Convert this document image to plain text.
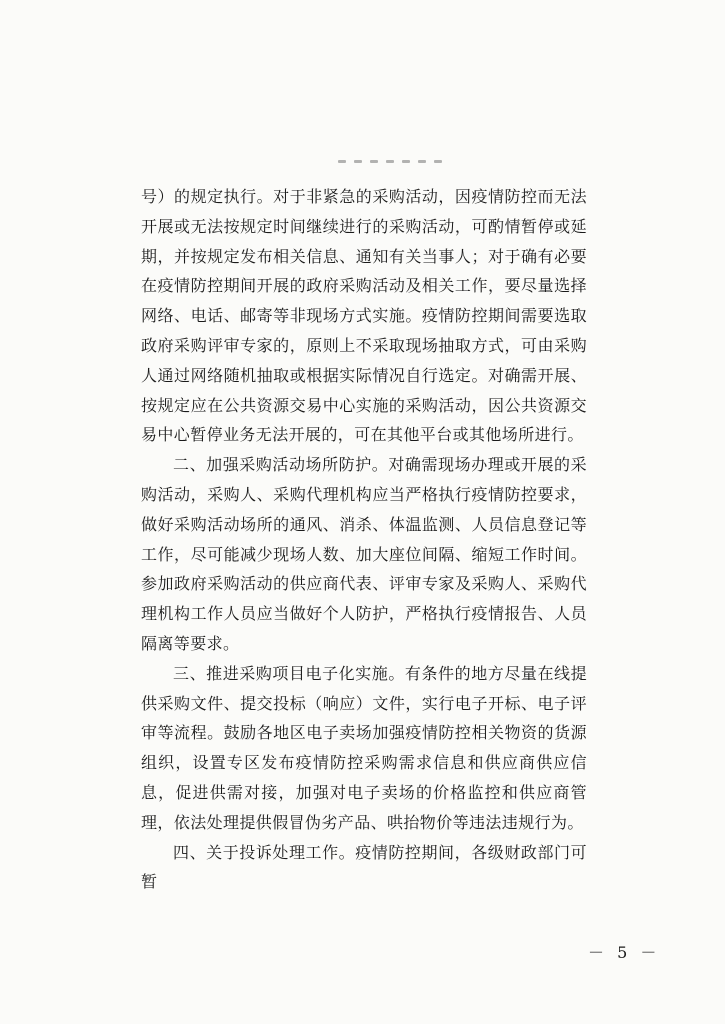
号）的规定执行。对于非紧急的采购活动，因疫情防控而无法开展或无法按规定时间继续进行的采购活动，可酌情暂停或延期，并按规定发布相关信息、通知有关当事人；对于确有必要在疫情防控期间开展的政府采购活动及相关工作，要尽量选择网络、电话、邮寄等非现场方式实施。疫情防控期间需要选取政府采购评审专家的，原则上不采取现场抽取方式，可由采购人通过网络随机抽取或根据实际情况自行选定。对确需开展、按规定应在公共资源交易中心实施的采购活动，因公共资源交易中心暂停业务无法开展的，可在其他平台或其他场所进行。

二、加强采购活动场所防护。对确需现场办理或开展的采购活动，采购人、采购代理机构应当严格执行疫情防控要求，做好采购活动场所的通风、消杀、体温监测、人员信息登记等工作，尽可能减少现场人数、加大座位间隔、缩短工作时间。参加政府采购活动的供应商代表、评审专家及采购人、采购代理机构工作人员应当做好个人防护，严格执行疫情报告、人员隔离等要求。

三、推进采购项目电子化实施。有条件的地方尽量在线提供采购文件、提交投标（响应）文件，实行电子开标、电子评审等流程。鼓励各地区电子卖场加强疫情防控相关物资的货源组织，设置专区发布疫情防控采购需求信息和供应商供应信息，促进供需对接，加强对电子卖场的价格监控和供应商管理，依法处理提供假冒伪劣产品、哄抬物价等违法违规行为。

四、关于投诉处理工作。疫情防控期间，各级财政部门可暂

－ 5 －
